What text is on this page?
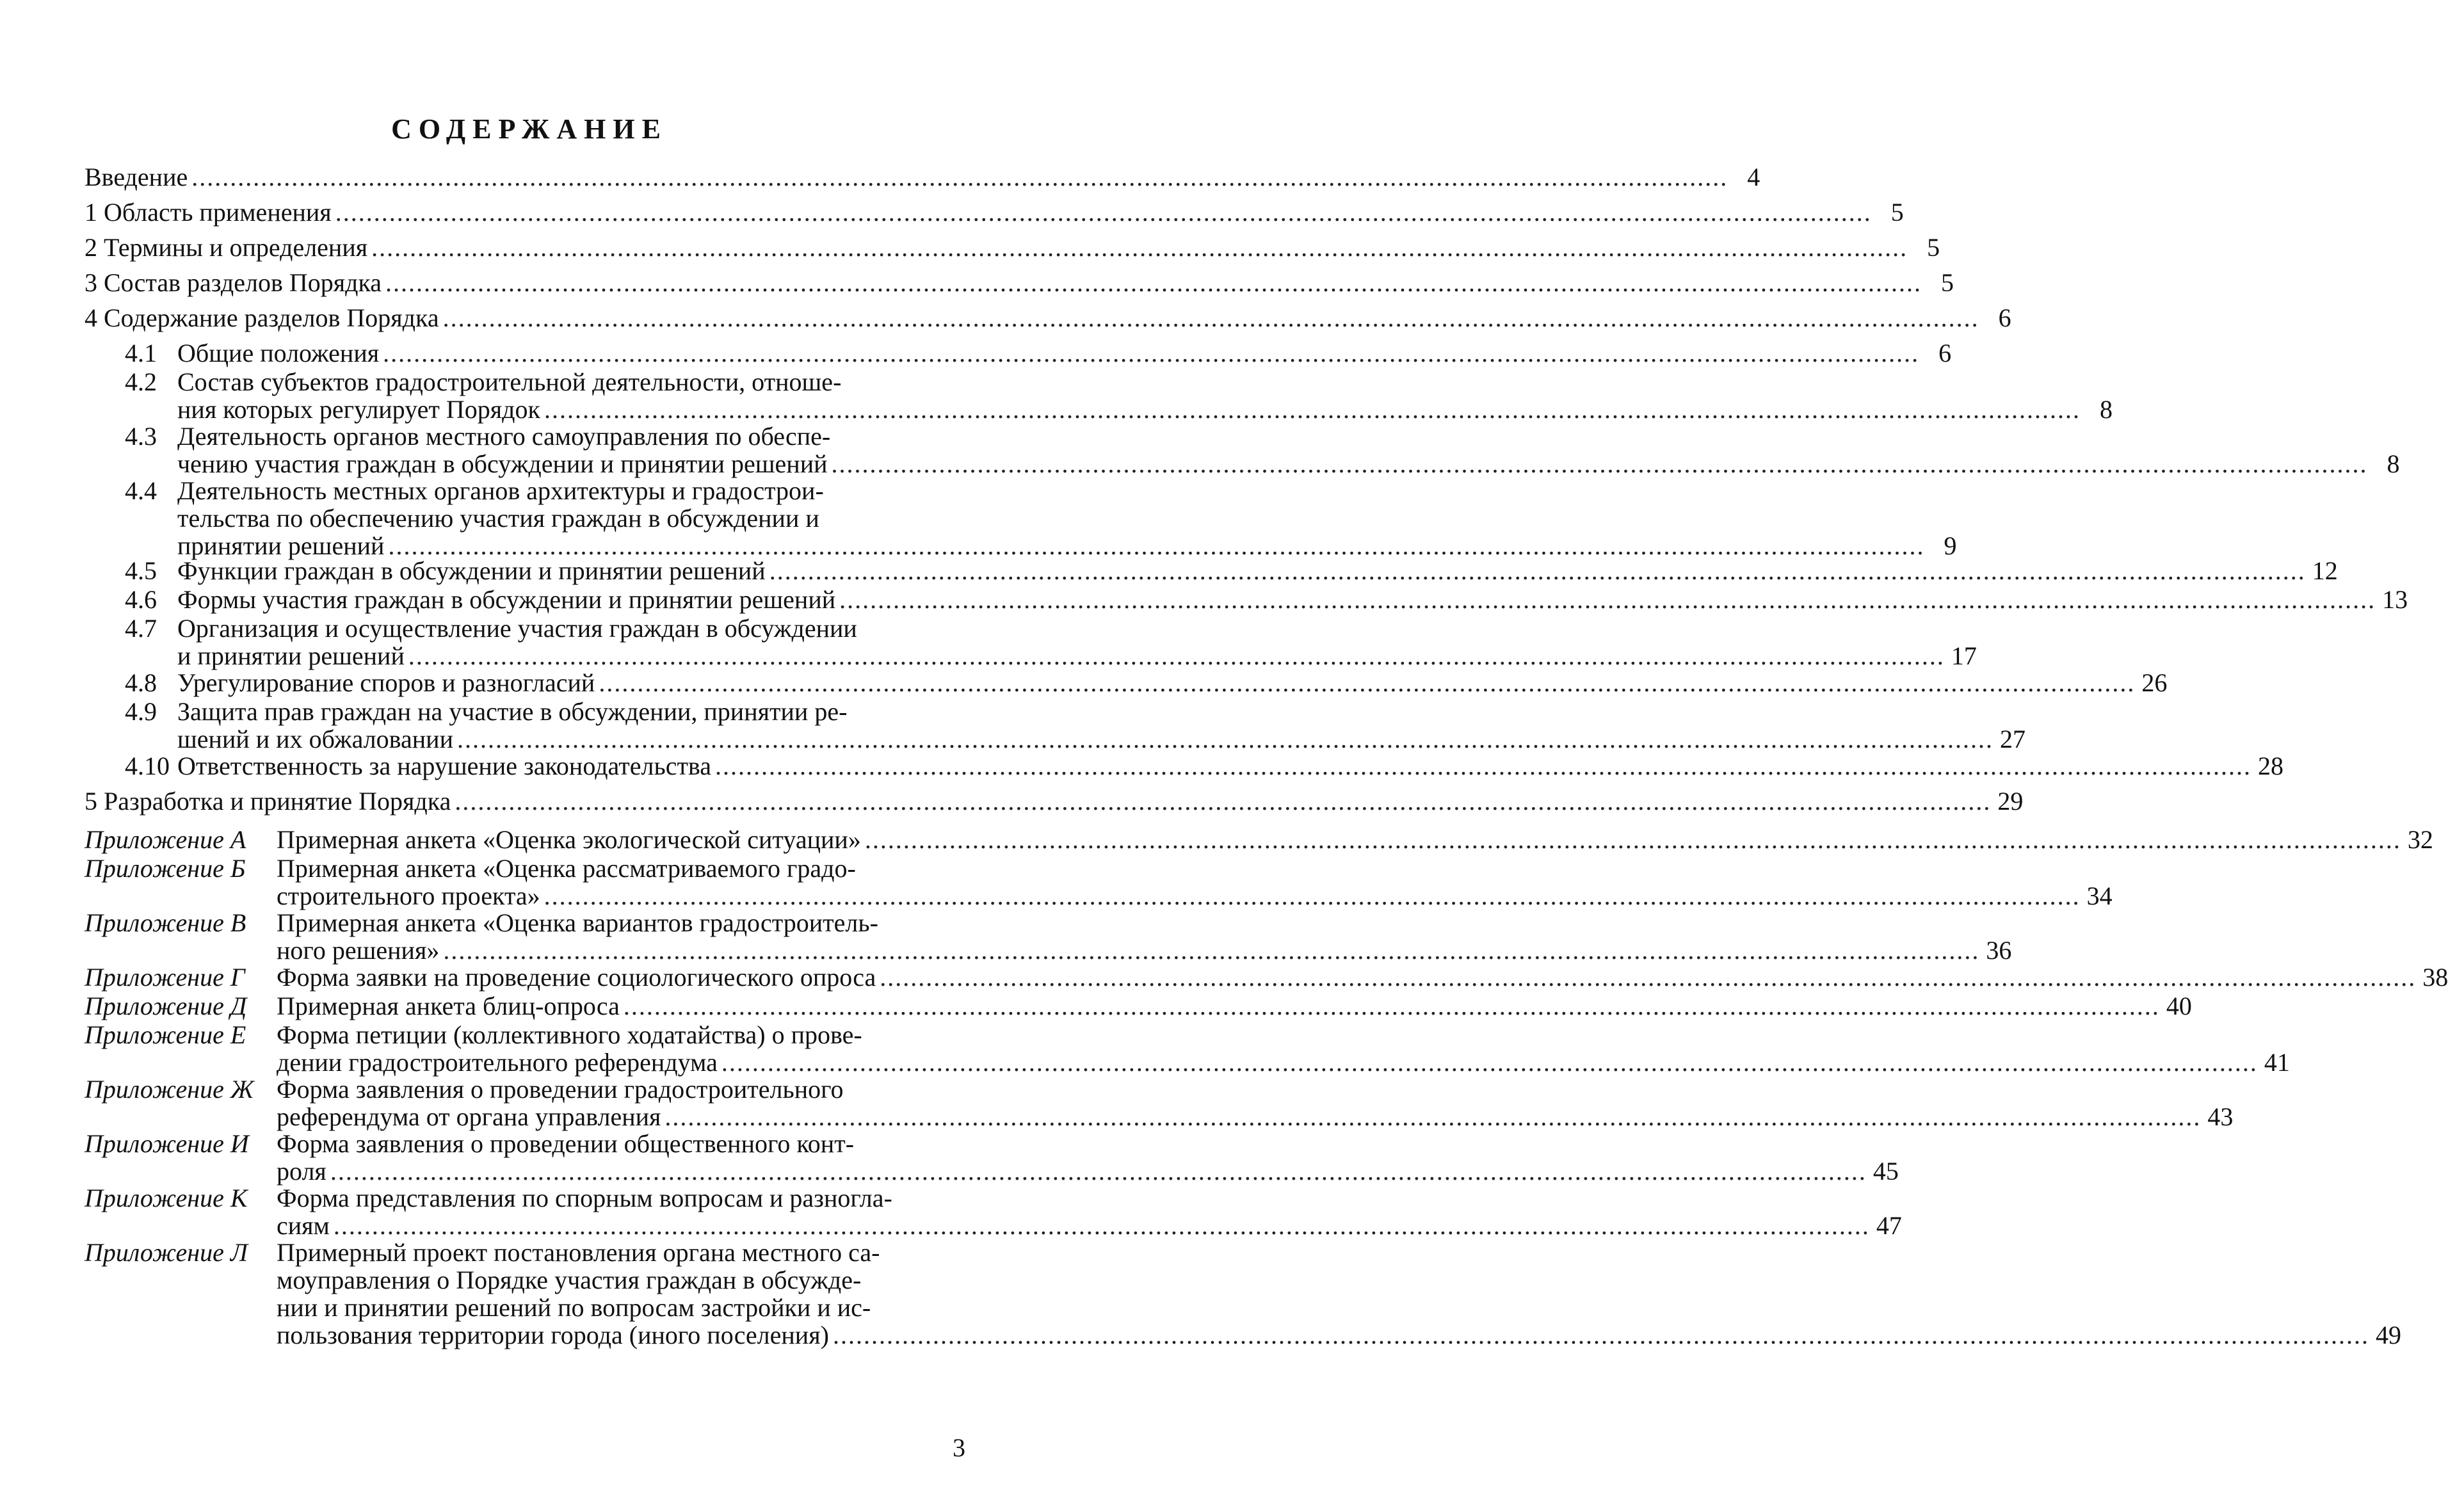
СОДЕРЖАНИЕ
Введение ........................................................................................................................................................................................................ 4
1 Область применения ........................................................................................................................................................................................................ 5
2 Термины и определения ........................................................................................................................................................................................................ 5
3 Состав разделов Порядка ........................................................................................................................................................................................................ 5
4 Содержание разделов Порядка ........................................................................................................................................................................................................ 6
4.1 Общие положения ........................................................................................................................................................................................................ 6
4.2 Состав субъектов градостроительной деятельности, отноше-
ния которых регулирует Порядок ........................................................................................................................................................................................................ 8
4.3 Деятельность органов местного самоуправления по обеспе-
чению участия граждан в обсуждении и принятии решений ........................................................................................................................................................................................................ 8
4.4 Деятельность местных органов архитектуры и градострои-
тельства по обеспечению участия граждан в обсуждении и
принятии решений ........................................................................................................................................................................................................ 9
4.5 Функции граждан в обсуждении и принятии решений ........................................................................................................................................................................................................ 12
4.6 Формы участия граждан в обсуждении и принятии решений ........................................................................................................................................................................................................ 13
4.7 Организация и осуществление участия граждан в обсуждении
и принятии решений ........................................................................................................................................................................................................ 17
4.8 Урегулирование споров и разногласий ........................................................................................................................................................................................................ 26
4.9 Защита прав граждан на участие в обсуждении, принятии ре-
шений и их обжаловании ........................................................................................................................................................................................................ 27
4.10 Ответственность за нарушение законодательства ........................................................................................................................................................................................................ 28
5 Разработка и принятие Порядка ........................................................................................................................................................................................................ 29
Приложение А Примерная анкета «Оценка экологической ситуации» ........................................................................................................................................................................................................ 32
Приложение Б Примерная анкета «Оценка рассматриваемого градо-
строительного проекта» ........................................................................................................................................................................................................ 34
Приложение В Примерная анкета «Оценка вариантов градостроитель-
ного решения» ........................................................................................................................................................................................................ 36
Приложение Г Форма заявки на проведение социологического опроса ........................................................................................................................................................................................................ 38
Приложение Д Примерная анкета блиц-опроса ........................................................................................................................................................................................................ 40
Приложение Е Форма петиции (коллективного ходатайства) о прове-
дении градостроительного референдума ........................................................................................................................................................................................................ 41
Приложение Ж Форма заявления о проведении градостроительного
референдума от органа управления ........................................................................................................................................................................................................ 43
Приложение И Форма заявления о проведении общественного конт-
роля ........................................................................................................................................................................................................ 45
Приложение К Форма представления по спорным вопросам и разногла-
сиям ........................................................................................................................................................................................................ 47
Приложение Л Примерный проект постановления органа местного са-
моуправления о Порядке участия граждан в обсужде-
нии и принятии решений по вопросам застройки и ис-
пользования территории города (иного поселения) ........................................................................................................................................................................................................ 49
3
